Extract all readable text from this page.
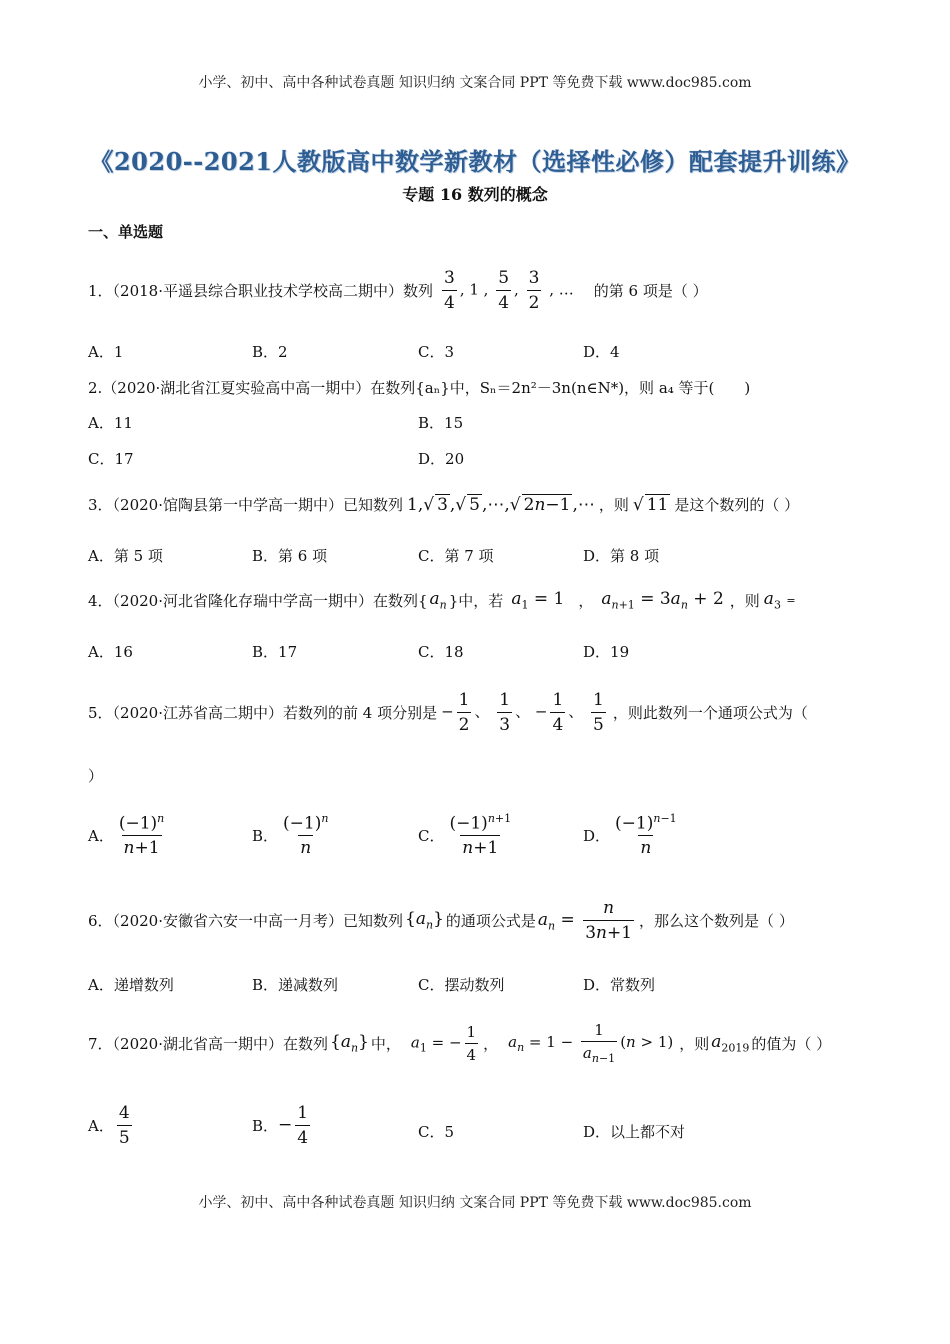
小学、初中、高中各种试卷真题 知识归纳 文案合同 PPT 等免费下载 www.doc985.com
《2020--2021人教版高中数学新教材（选择性必修）配套提升训练》
专题 16 数列的概念
一、单选题
1．（2018·平遥县综合职业技术学校高二期中）数列 $\frac{3}{4}$ , 1 , $\frac{5}{4}$ , $\frac{3}{2}$ , … 的第 6 项是（ ）
A．1	B．2	C．3	D．4
2.（2020·湖北省江夏实验高中高一期中）在数列{aₙ}中，Sₙ＝2n²－3n(n∈N*)，则 a₄ 等于(　　)
A．11	B．15
C．17	D．20
3．（2020·馆陶县第一中学高一期中）已知数列 1,√ 3 ,√ 5 ,⋯,√ 2n−1 ,⋯ ，则 √ 11 是这个数列的（ ）
A．第 5 项	B．第 6 项	C．第 7 项	D．第 8 项
4．（2020·河北省隆化存瑞中学高一期中）在数列{ $a_n$ }中，若 $a_1 = 1$ ， $a_{n+1} = 3a_n + 2$ ，则 $a_3$ =
A．16	B．17	C．18	D．19
5．（2020·江苏省高二期中）若数列的前 4 项分别是 − $\frac{1}{2}$ 、 $\frac{1}{3}$ 、 − $\frac{1}{4}$ 、 $\frac{1}{5}$ ，则此数列一个通项公式为（
）
A． $\frac{(-1)^n}{n+1}$	B． $\frac{(-1)^n}{n}$	C． $\frac{(-1)^{n+1}}{n+1}$	D． $\frac{(-1)^{n-1}}{n}$
6．（2020·安徽省六安一中高一月考）已知数列 $\{a_n\}$ 的通项公式是 $a_n = \frac{n}{3n+1}$ ，那么这个数列是（ ）
A．递增数列	B．递减数列	C．摆动数列	D．常数列
7．（2020·湖北省高一期中）在数列 $\{a_n\}$ 中， $a_1$ = − $\frac{1}{4}$ ， $a_n = 1 - \frac{1}{a_{n-1}} (n > 1)$ ，则 $a_{2019}$ 的值为（ ）
A． $\frac{4}{5}$	B． − $\frac{1}{4}$	C．5	D．以上都不对
小学、初中、高中各种试卷真题 知识归纳 文案合同 PPT 等免费下载 www.doc985.com
